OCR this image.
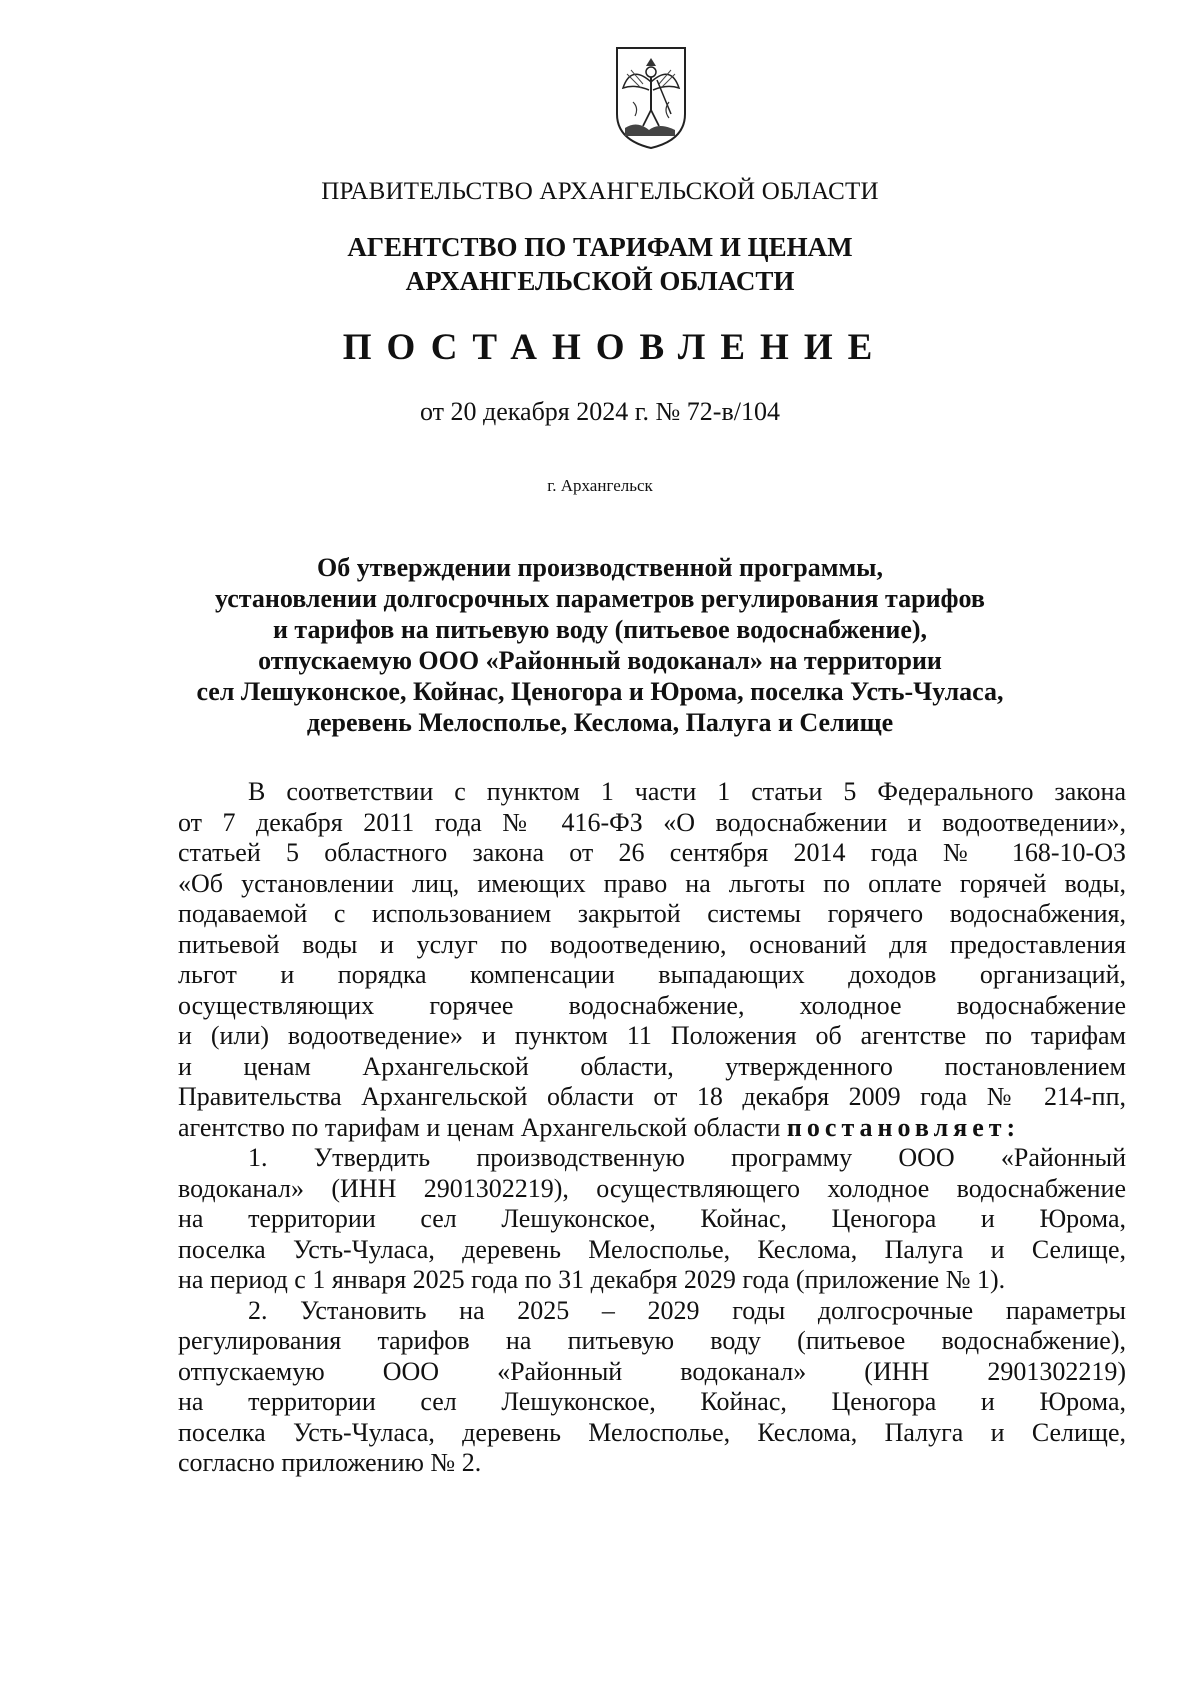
ПРАВИТЕЛЬСТВО АРХАНГЕЛЬСКОЙ ОБЛАСТИ
АГЕНТСТВО ПО ТАРИФАМ И ЦЕНАМ
АРХАНГЕЛЬСКОЙ ОБЛАСТИ
ПОСТАНОВЛЕНИЕ
от 20 декабря 2024 г. № 72-в/104
г. Архангельск
Об утверждении производственной программы,
установлении долгосрочных параметров регулирования тарифов
и тарифов на питьевую воду (питьевое водоснабжение),
отпускаемую ООО «Районный водоканал» на территории
сел Лешуконское, Койнас, Ценогора и Юрома, поселка Усть-Чуласа,
деревень Мелосполье, Кеслома, Палуга и Селище
В соответствии с пунктом 1 части 1 статьи 5 Федерального закона
от 7 декабря 2011 года № 416-ФЗ «О водоснабжении и водоотведении»,
статьей 5 областного закона от 26 сентября 2014 года № 168-10-ОЗ
«Об установлении лиц, имеющих право на льготы по оплате горячей воды,
подаваемой с использованием закрытой системы горячего водоснабжения,
питьевой воды и услуг по водоотведению, оснований для предоставления
льгот и порядка компенсации выпадающих доходов организаций,
осуществляющих горячее водоснабжение, холодное водоснабжение
и (или) водоотведение» и пунктом 11 Положения об агентстве по тарифам
и ценам Архангельской области, утвержденного постановлением
Правительства Архангельской области от 18 декабря 2009 года № 214-пп,
агентство по тарифам и ценам Архангельской области постановляет:
1. Утвердить производственную программу ООО «Районный
водоканал» (ИНН 2901302219), осуществляющего холодное водоснабжение
на территории сел Лешуконское, Койнас, Ценогора и Юрома,
поселка Усть-Чуласа, деревень Мелосполье, Кеслома, Палуга и Селище,
на период с 1 января 2025 года по 31 декабря 2029 года (приложение № 1).
2. Установить на 2025 – 2029 годы долгосрочные параметры
регулирования тарифов на питьевую воду (питьевое водоснабжение),
отпускаемую ООО «Районный водоканал» (ИНН 2901302219)
на территории сел Лешуконское, Койнас, Ценогора и Юрома,
поселка Усть-Чуласа, деревень Мелосполье, Кеслома, Палуга и Селище,
согласно приложению № 2.
